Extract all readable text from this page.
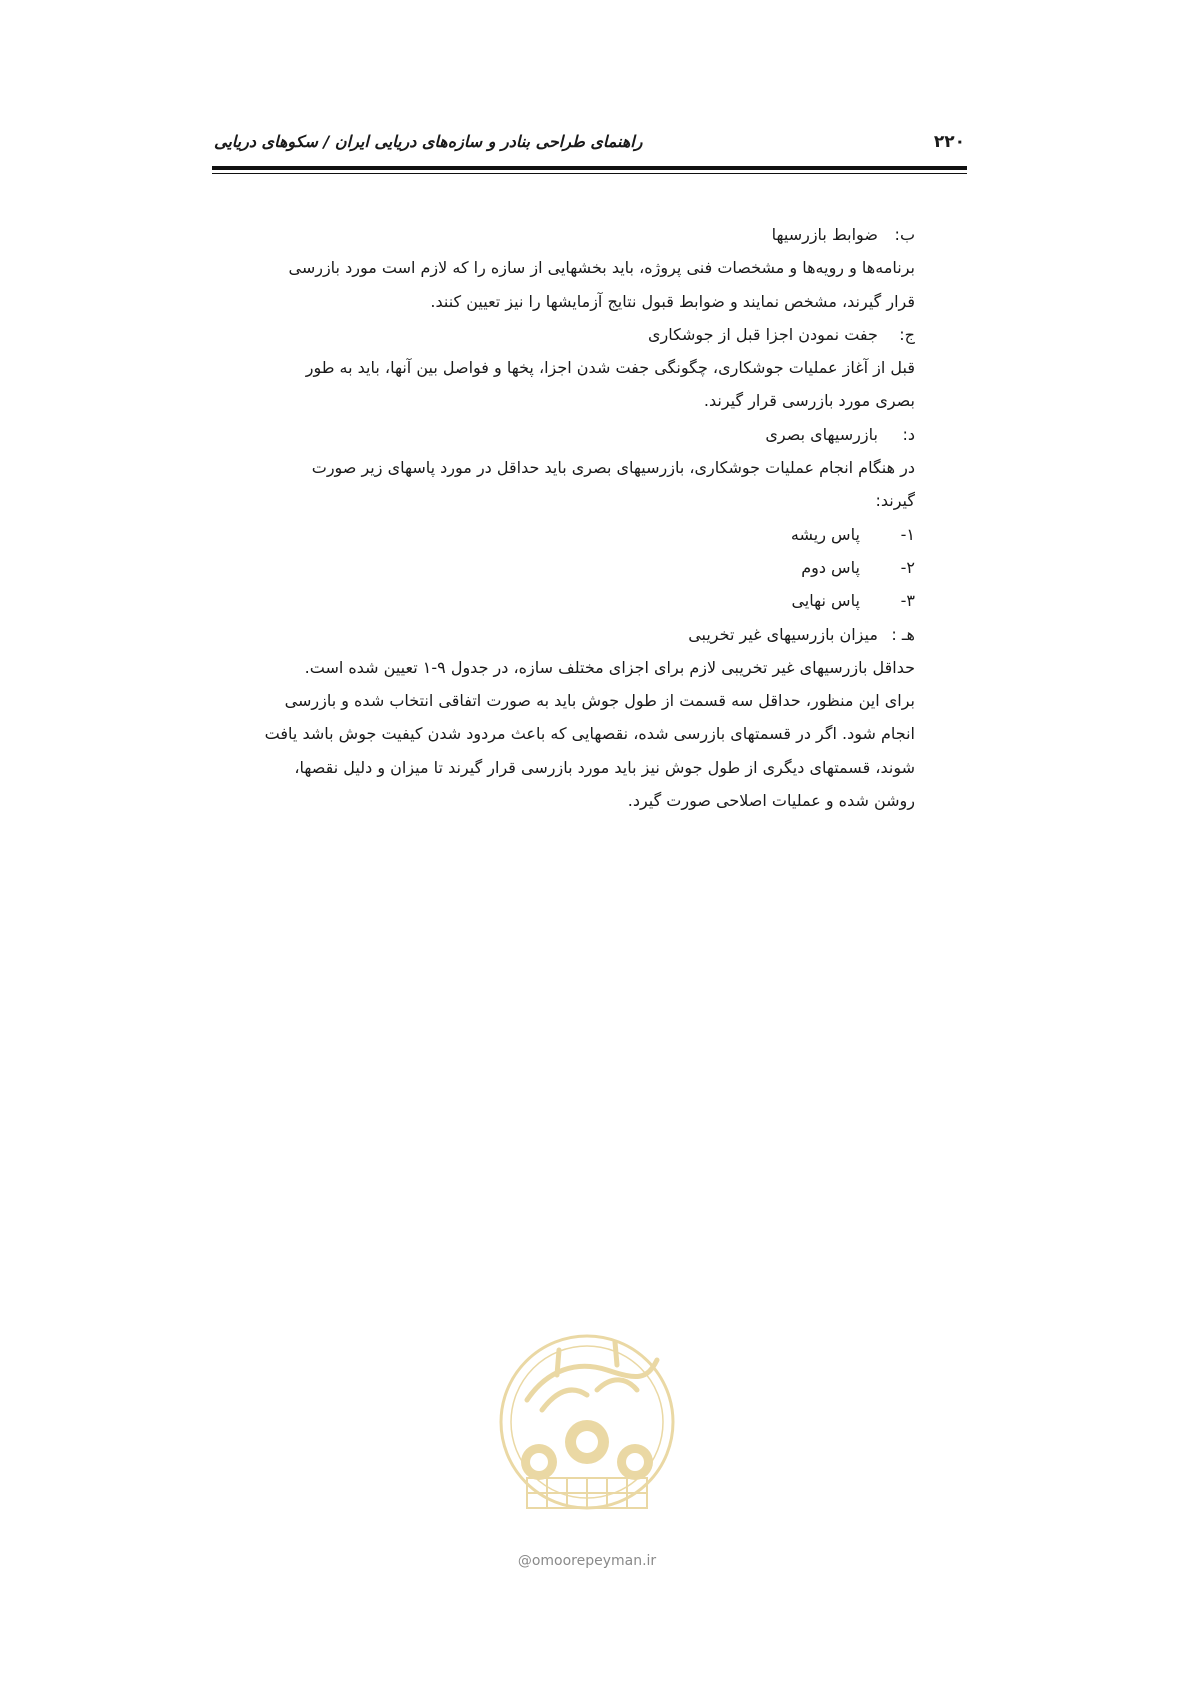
۲۲۰
راهنمای طراحی بنادر و سازه‌های دریایی ایران / سکوهای دریایی
ب: ضوابط بازرسیها
برنامه‌ها و رویه‌ها و مشخصات فنی پروژه، باید بخشهایی از سازه را که لازم است مورد بازرسی
قرار گیرند، مشخص نمایند و ضوابط قبول نتایج آزمایشها را نیز تعیین کنند.
ج: جفت نمودن اجزا قبل از جوشکاری
قبل از آغاز عملیات جوشکاری، چگونگی جفت شدن اجزا، پخها و فواصل بین آنها، باید به طور
بصری مورد بازرسی قرار گیرند.
د: بازرسیهای بصری
در هنگام انجام عملیات جوشکاری، بازرسیهای بصری باید حداقل در مورد پاسهای زیر صورت
گیرند:
۱- پاس ریشه
۲- پاس دوم
۳- پاس نهایی
هـ : میزان بازرسیهای غیر تخریبی
حداقل بازرسیهای غیر تخریبی لازم برای اجزای مختلف سازه، در جدول ۹-۱ تعیین شده است.
برای این منظور، حداقل سه قسمت از طول جوش باید به صورت اتفاقی انتخاب شده و بازرسی
انجام شود. اگر در قسمتهای بازرسی شده، نقصهایی که باعث مردود شدن کیفیت جوش باشد یافت
شوند، قسمتهای دیگری از طول جوش نیز باید مورد بازرسی قرار گیرند تا میزان و دلیل نقصها،
روشن شده و عملیات اصلاحی صورت گیرد.
@omoorepeyman.ir
